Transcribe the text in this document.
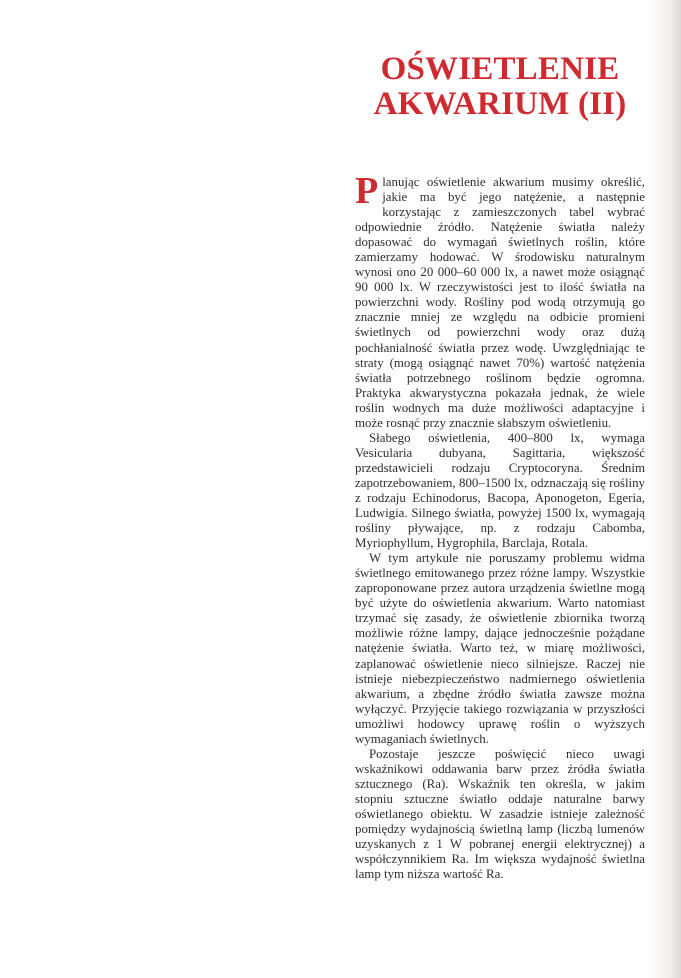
OŚWIETLENIE
AKWARIUM (II)

Planując oświetlenie akwarium musimy określić, jakie ma być jego natężenie, a następnie korzystając z zamieszczonych tabel wybrać odpowiednie źródło. Natężenie światła należy dopasować do wymagań świetlnych roślin, które zamierzamy hodować. W środowisku naturalnym wynosi ono 20 000–60 000 lx, a nawet może osiągnąć 90 000 lx. W rzeczywistości jest to ilość światła na powierzchni wody. Rośliny pod wodą otrzymują go znacznie mniej ze względu na odbicie promieni świetlnych od powierzchni wody oraz dużą pochłanialność światła przez wodę. Uwzględniając te straty (mogą osiągnąć nawet 70%) wartość natężenia światła potrzebnego roślinom będzie ogromna. Praktyka akwarystyczna pokazała jednak, że wiele roślin wodnych ma duże możliwości adaptacyjne i może rosnąć przy znacznie słabszym oświetleniu.

Słabego oświetlenia, 400–800 lx, wymaga Vesicularia dubyana, Sagittaria, większość przedstawicieli rodzaju Cryptocoryna. Średnim zapotrzebowaniem, 800–1500 lx, odznaczają się rośliny z rodzaju Echinodorus, Bacopa, Aponogeton, Egeria, Ludwigia. Silnego światła, powyżej 1500 lx, wymagają rośliny pływające, np. z rodzaju Cabomba, Myriophyllum, Hygrophila, Barclaja, Rotala.

W tym artykule nie poruszamy problemu widma świetlnego emitowanego przez różne lampy. Wszystkie zaproponowane przez autora urządzenia świetlne mogą być użyte do oświetlenia akwarium. Warto natomiast trzymać się zasady, że oświetlenie zbiornika tworzą możliwie różne lampy, dające jednocześnie pożądane natężenie światła. Warto też, w miarę możliwości, zaplanować oświetlenie nieco silniejsze. Raczej nie istnieje niebezpieczeństwo nadmiernego oświetlenia akwarium, a zbędne źródło światła zawsze można wyłączyć. Przyjęcie takiego rozwiązania w przyszłości umożliwi hodowcy uprawę roślin o wyższych wymaganiach świetlnych.

Pozostaje jeszcze poświęcić nieco uwagi wskaźnikowi oddawania barw przez źródła światła sztucznego (Ra). Wskaźnik ten określa, w jakim stopniu sztuczne światło oddaje naturalne barwy oświetlanego obiektu. W zasadzie istnieje zależność pomiędzy wydajnością świetlną lamp (liczbą lumenów uzyskanych z 1 W pobranej energii elektrycznej) a współczynnikiem Ra. Im większa wydajność świetlna lamp tym niższa wartość Ra.
